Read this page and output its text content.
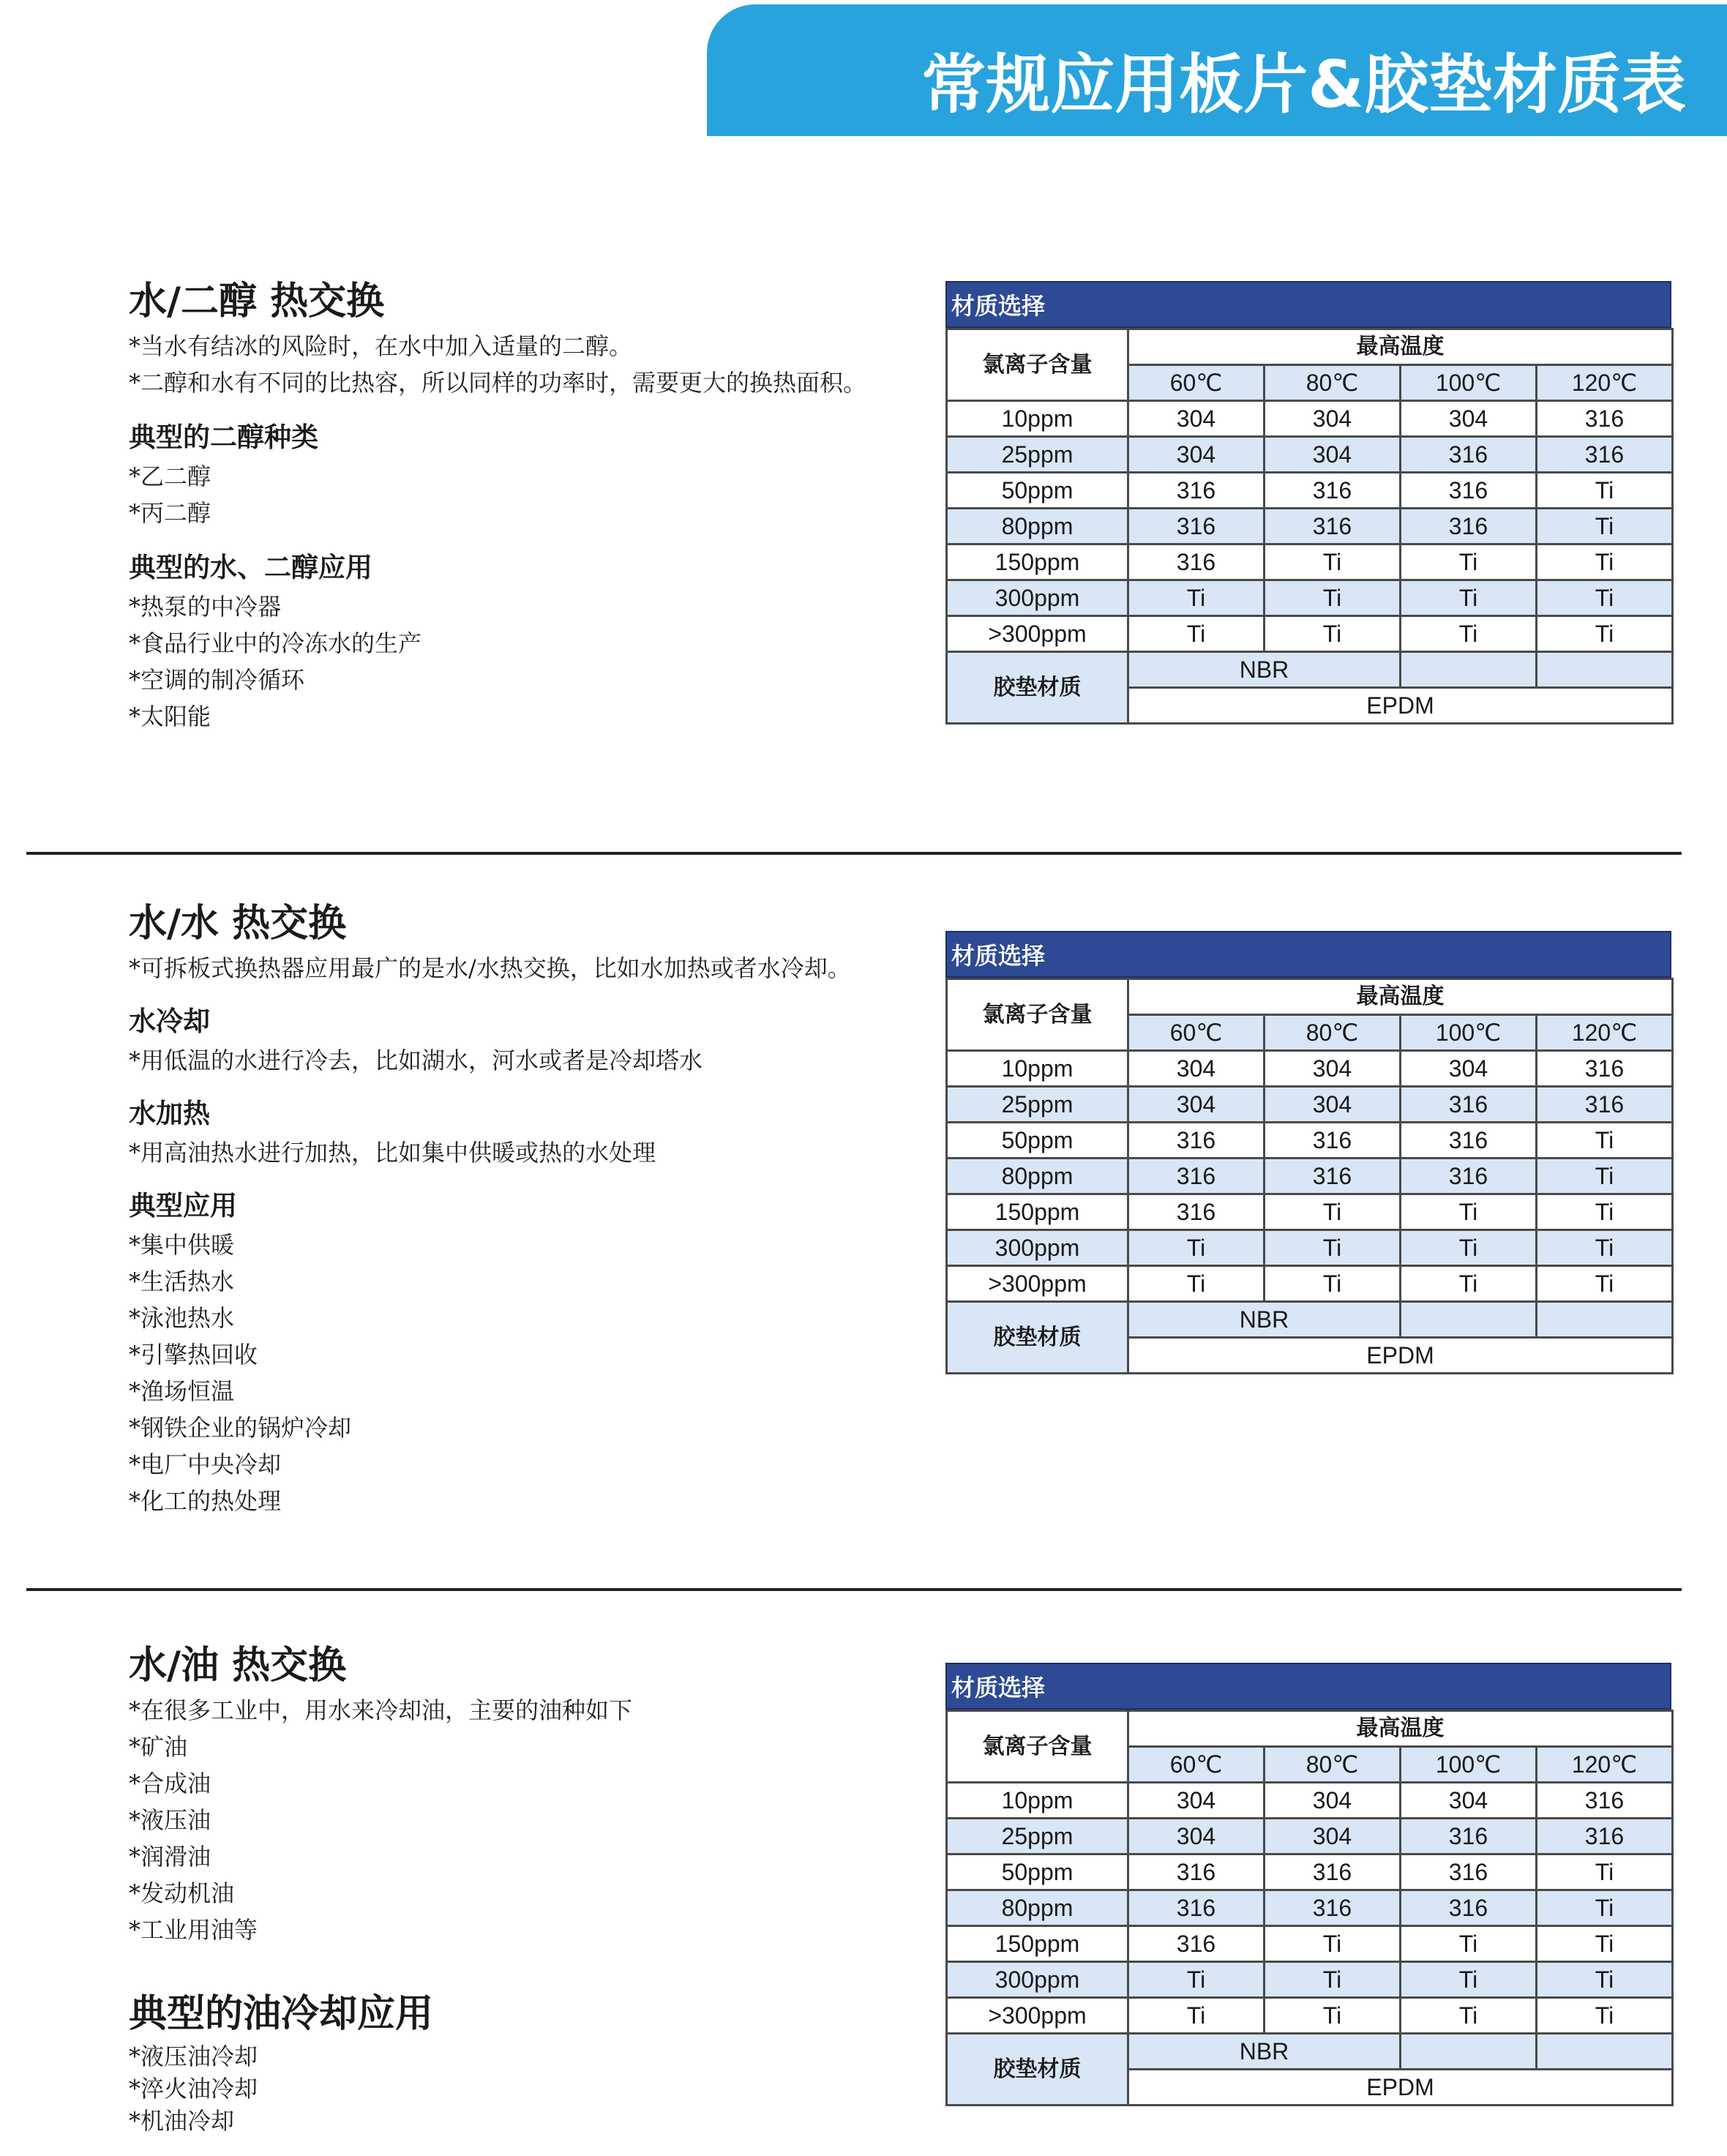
常规应用板片&胶垫材质表
水/二醇 热交换

*当水有结冰的风险时，在水中加入适量的二醇。

*二醇和水有不同的比热容，所以同样的功率时，需要更大的换热面积。

典型的二醇种类

*乙二醇

*丙二醇

典型的水、二醇应用

*热泵的中冷器

*食品行业中的冷冻水的生产

*空调的制冷循环

*太阳能

材质选择
氯离子含量	最高温度			
	60℃	80℃	100℃	120℃
10ppm	304	304	304	316
25ppm	304	304	316	316
50ppm	316	316	316	Ti
80ppm	316	316	316	Ti
150ppm	316	Ti	Ti	Ti
300ppm	Ti	Ti	Ti	Ti
>300ppm	Ti	Ti	Ti	Ti
胶垫材质	NBR			
	EPDM			
水/水 热交换

*可拆板式换热器应用最广的是水/水热交换，比如水加热或者水冷却。

水冷却

*用低温的水进行冷去，比如湖水，河水或者是冷却塔水

水加热

*用高油热水进行加热，比如集中供暖或热的水处理

典型应用

*集中供暖

*生活热水

*泳池热水

*引擎热回收

*渔场恒温

*钢铁企业的锅炉冷却

*电厂中央冷却

*化工的热处理

材质选择
氯离子含量	最高温度			
	60℃	80℃	100℃	120℃
10ppm	304	304	304	316
25ppm	304	304	316	316
50ppm	316	316	316	Ti
80ppm	316	316	316	Ti
150ppm	316	Ti	Ti	Ti
300ppm	Ti	Ti	Ti	Ti
>300ppm	Ti	Ti	Ti	Ti
胶垫材质	NBR			
	EPDM			
水/油 热交换

*在很多工业中，用水来冷却油，主要的油种如下

*矿油

*合成油

*液压油

*润滑油

*发动机油

*工业用油等

典型的油冷却应用

*液压油冷却

*淬火油冷却

*机油冷却

材质选择
氯离子含量	最高温度			
	60℃	80℃	100℃	120℃
10ppm	304	304	304	316
25ppm	304	304	316	316
50ppm	316	316	316	Ti
80ppm	316	316	316	Ti
150ppm	316	Ti	Ti	Ti
300ppm	Ti	Ti	Ti	Ti
>300ppm	Ti	Ti	Ti	Ti
胶垫材质	NBR			
	EPDM			
